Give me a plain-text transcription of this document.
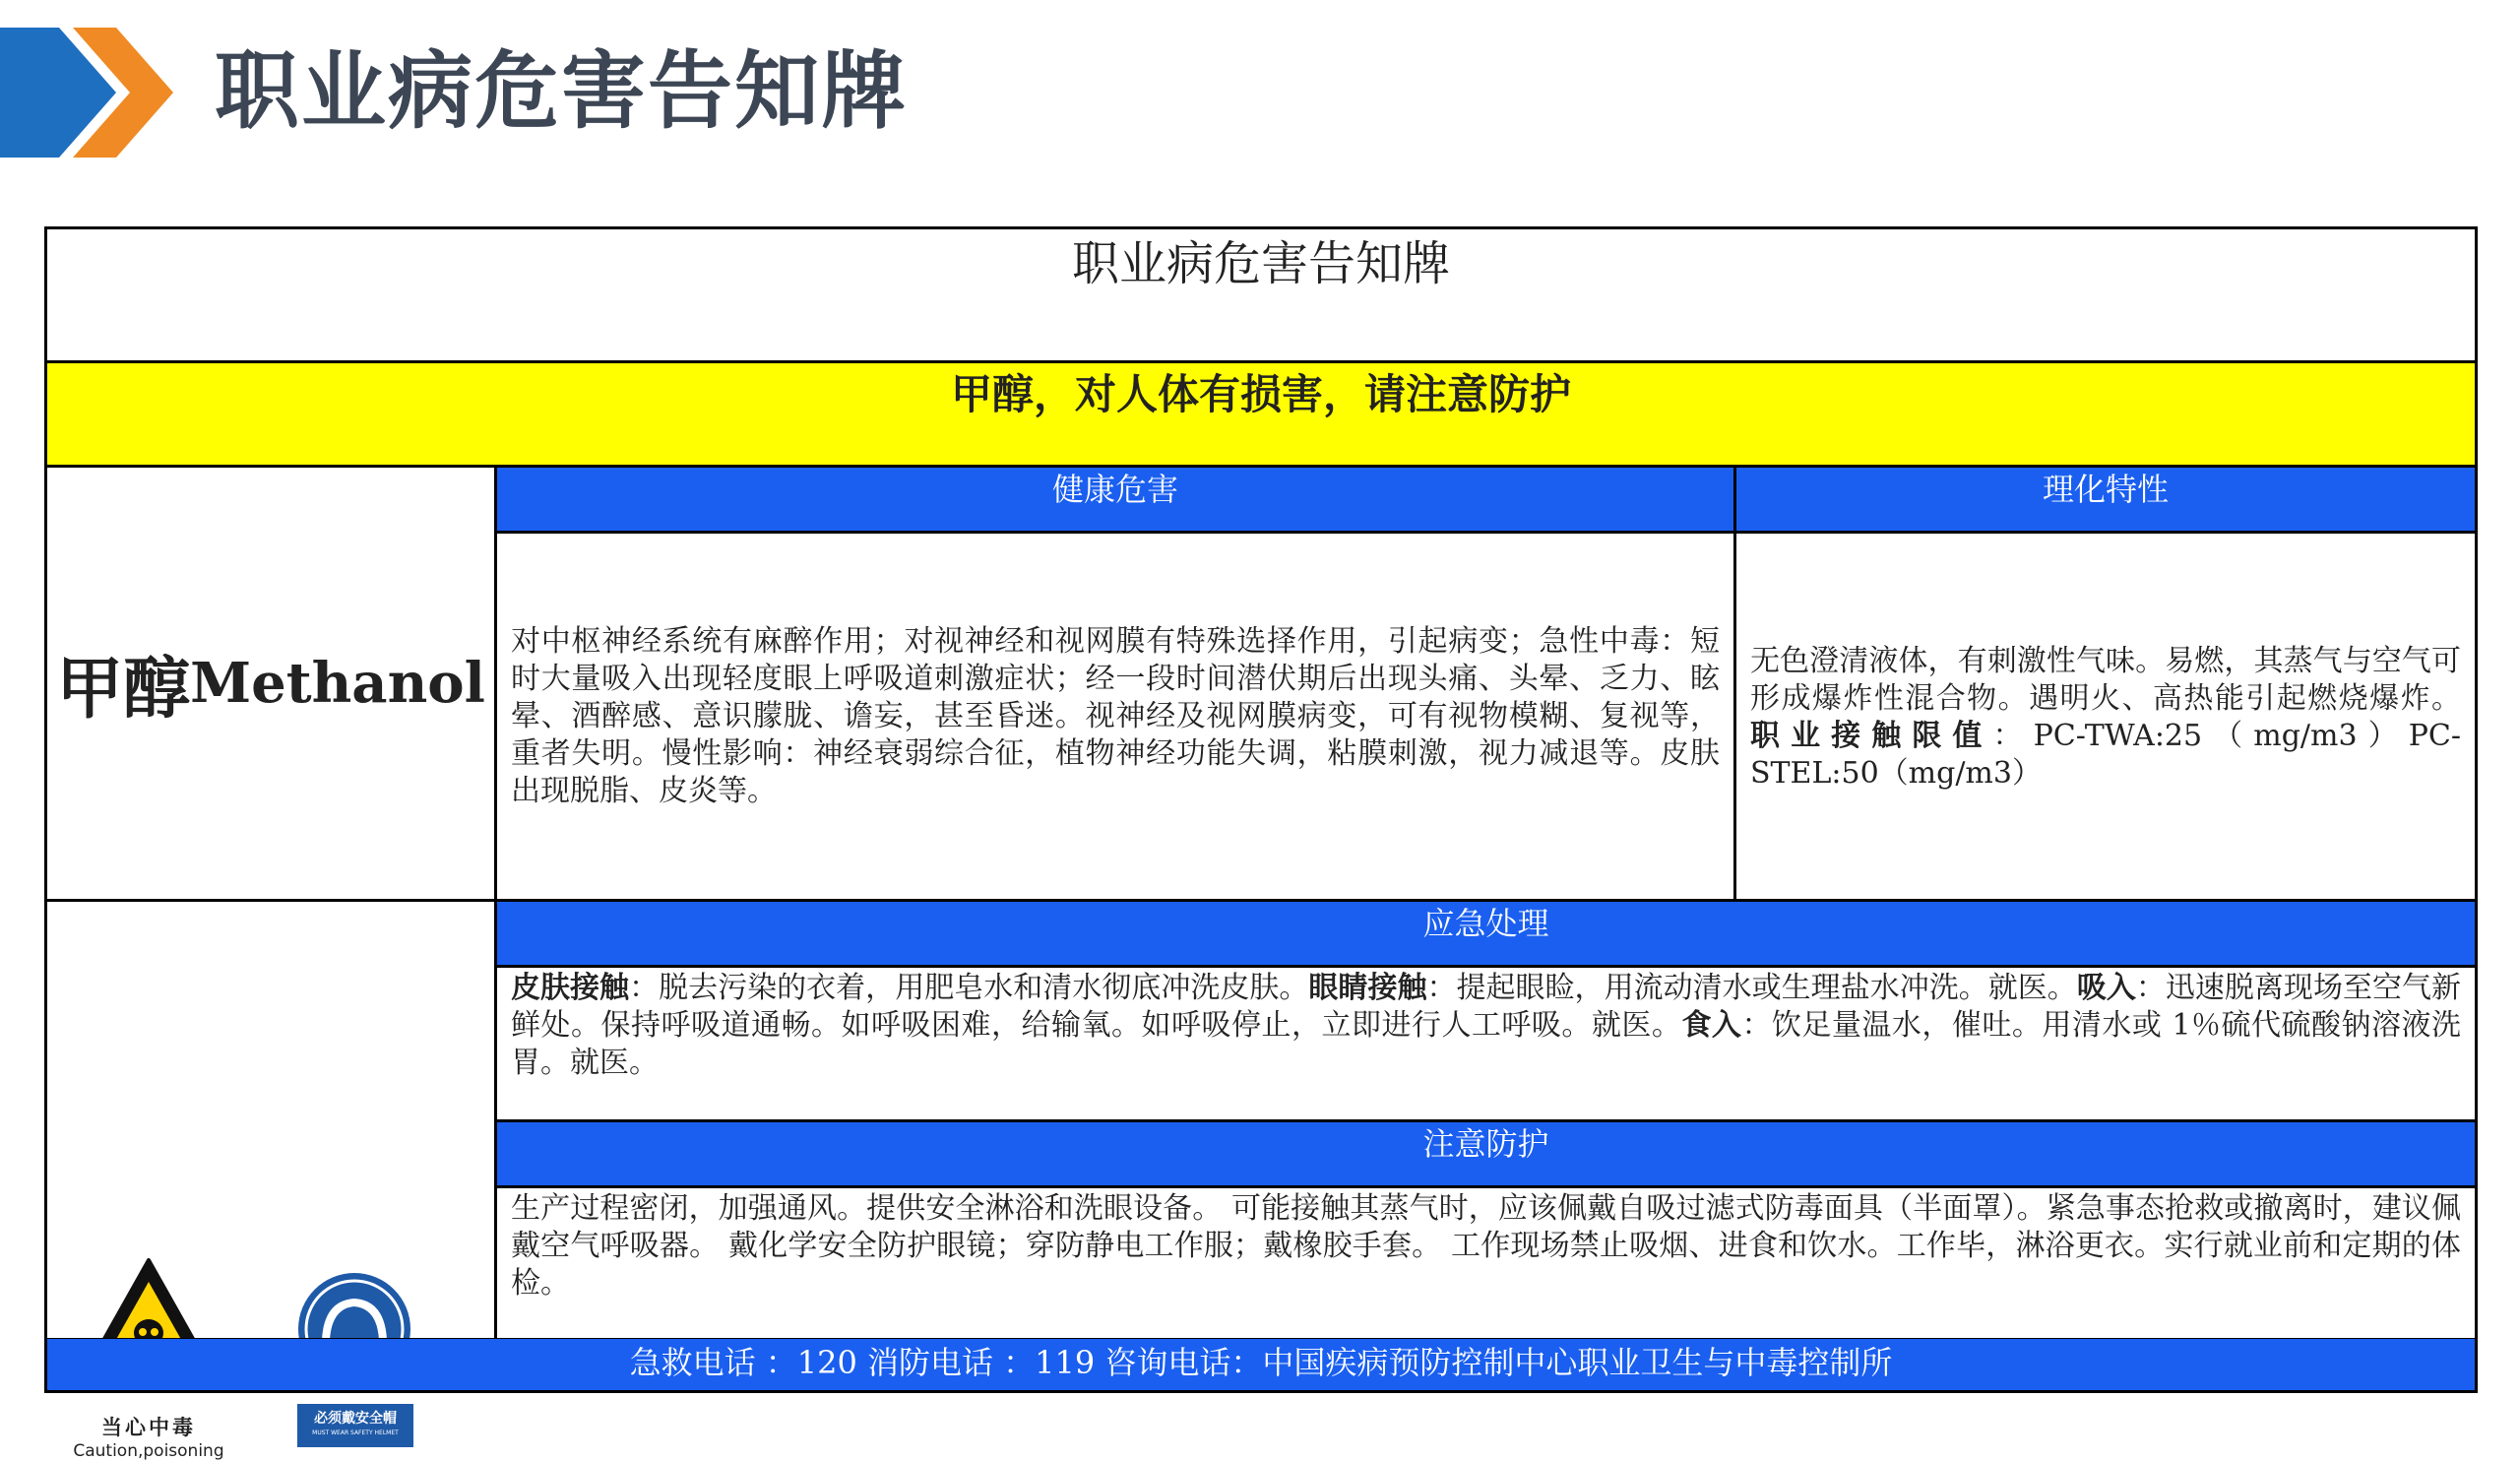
职业病危害告知牌
职业病危害告知牌
甲醇，对人体有损害，请注意防护
甲醇 Methanol
健康危害	理化特性
对中枢神经系统有麻醉作用；对视神经和视网膜有特殊选择作用，引起病变；急性中毒：短时大量吸入出现轻度眼上呼吸道刺激症状；经一段时间潜伏期后出现头痛、头晕、乏力、眩晕、酒醉感、意识朦胧、谵妄，甚至昏迷。视神经及视网膜病变，可有视物模糊、复视等，重者失明。慢性影响：神经衰弱综合征，植物神经功能失调，粘膜刺激，视力减退等。皮肤出现脱脂、皮炎等。
无色澄清液体，有刺激性气味。易燃，其蒸气与空气可形成爆炸性混合物。遇明火、高热能引起燃烧爆炸。 职业接触限值：PC-TWA:25（mg/m3）PC-STEL:50（mg/m3）
应急处理
皮肤接触：脱去污染的衣着，用肥皂水和清水彻底冲洗皮肤。眼睛接触：提起眼睑，用流动清水或生理盐水冲洗。就医。吸入：迅速脱离现场至空气新鲜处。保持呼吸道通畅。如呼吸困难，给输氧。如呼吸停止，立即进行人工呼吸。就医。食入：饮足量温水，催吐。用清水或 1％硫代硫酸钠溶液洗胃。就医。
注意防护
生产过程密闭，加强通风。提供安全淋浴和洗眼设备。 可能接触其蒸气时，应该佩戴自吸过滤式防毒面具（半面罩）。紧急事态抢救或撤离时，建议佩戴空气呼吸器。 戴化学安全防护眼镜；穿防静电工作服；戴橡胶手套。 工作现场禁止吸烟、进食和饮水。工作毕，淋浴更衣。实行就业前和定期的体检。
当心中毒
Caution,poisoning
必须戴安全帽
MUST WEAR SAFETY HELMET
急救电话 ：120 消防电话 ：119 咨询电话：中国疾病预防控制中心职业卫生与中毒控制所
